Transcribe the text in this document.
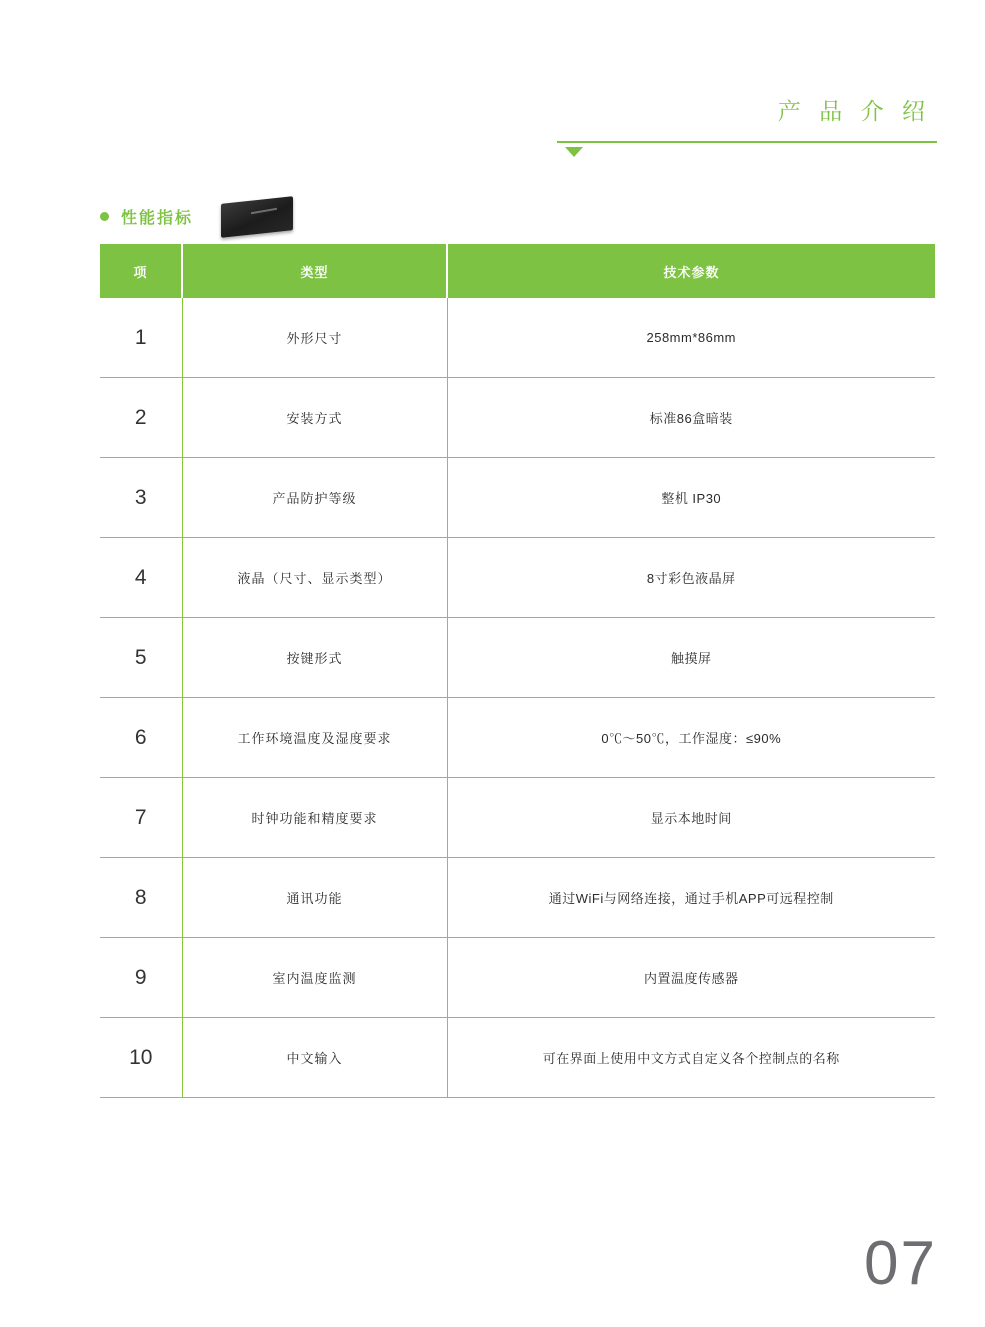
产 品 介 绍
性能指标
项	类型	技术参数
1	外形尺寸	258mm*86mm
2	安装方式	标准86盒暗装
3	产品防护等级	整机 IP30
4	液晶（尺寸、显示类型）	8寸彩色液晶屏
5	按键形式	触摸屏
6	工作环境温度及湿度要求	0℃～50℃，工作湿度：≤90%
7	时钟功能和精度要求	显示本地时间
8	通讯功能	通过WiFi与网络连接，通过手机APP可远程控制
9	室内温度监测	内置温度传感器
10	中文输入	可在界面上使用中文方式自定义各个控制点的名称
07
